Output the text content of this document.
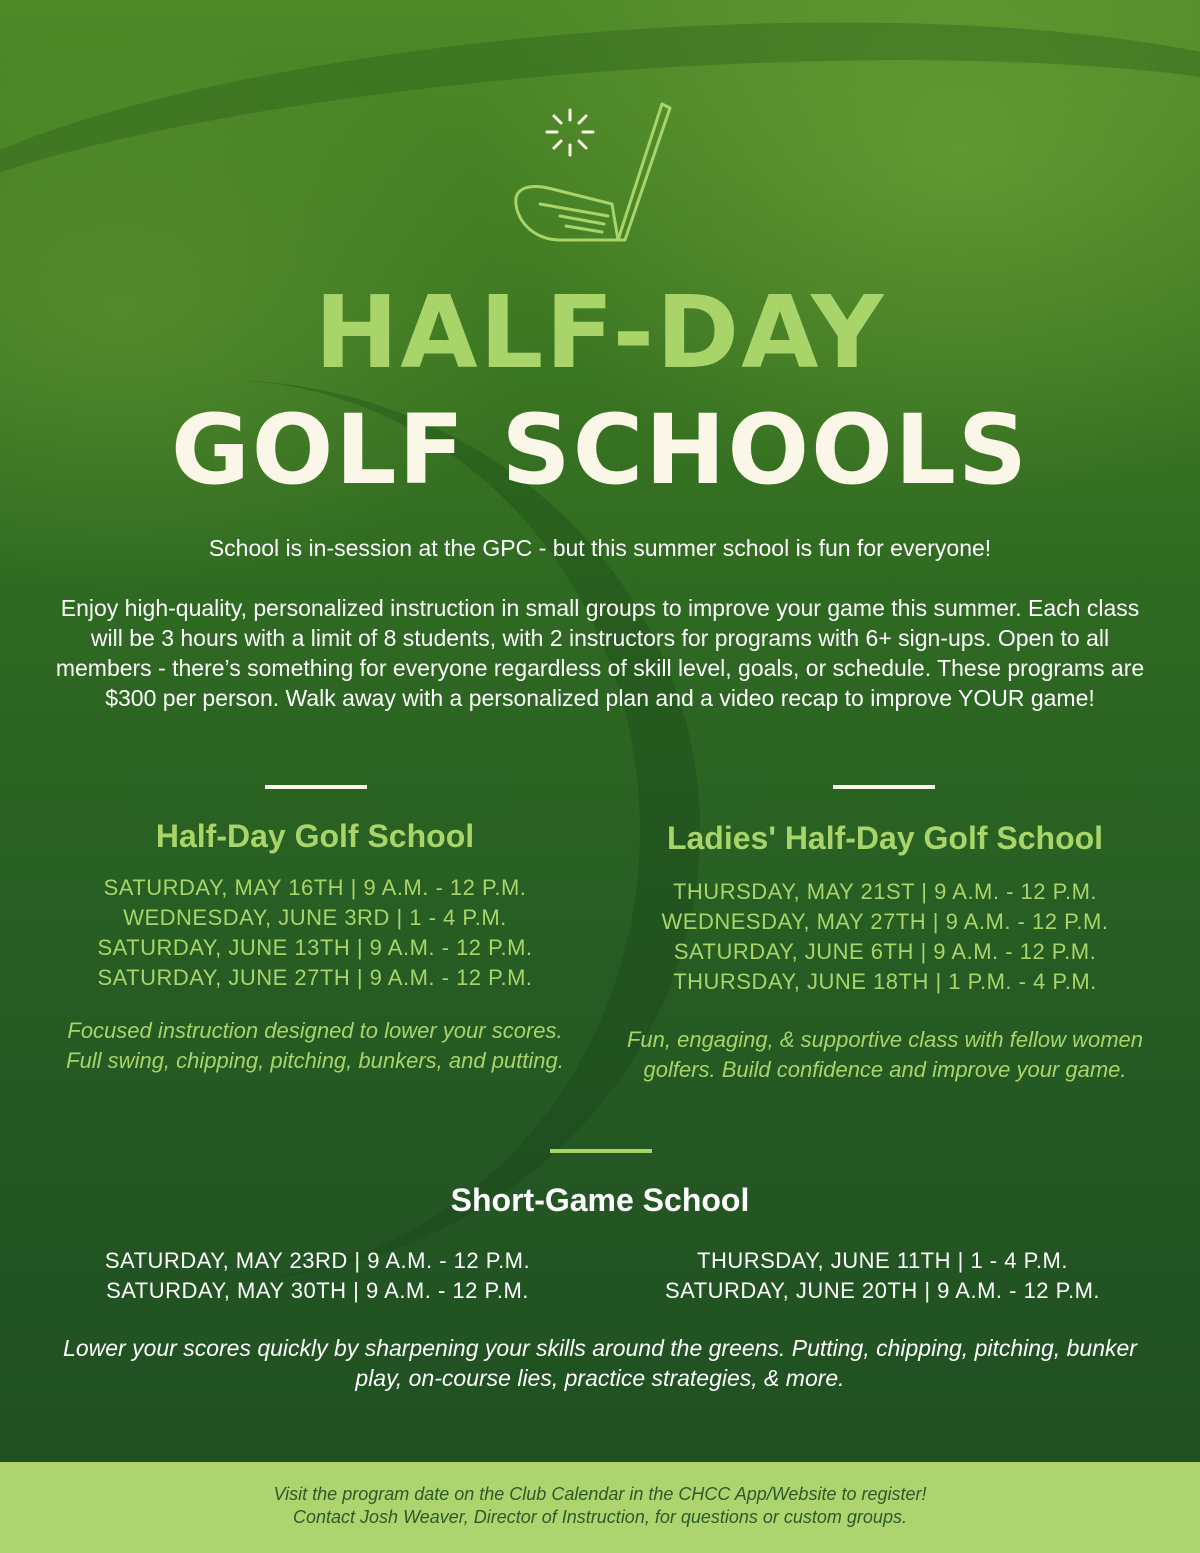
HALF-DAY
GOLF SCHOOLS
School is in-session at the GPC - but this summer school is fun for everyone!
Enjoy high-quality, personalized instruction in small groups to improve your game this summer. Each class will be 3 hours with a limit of 8 students, with 2 instructors for programs with 6+ sign-ups. Open to all members - there’s something for everyone regardless of skill level, goals, or schedule. These programs are $300 per person. Walk away with a personalized plan and a video recap to improve YOUR game!
Half-Day Golf School
SATURDAY, MAY 16TH | 9 A.M. - 12 P.M.
WEDNESDAY, JUNE 3RD | 1 - 4 P.M.
SATURDAY, JUNE 13TH | 9 A.M. - 12 P.M.
SATURDAY, JUNE 27TH | 9 A.M. - 12 P.M.
Focused instruction designed to lower your scores. Full swing, chipping, pitching, bunkers, and putting.
Ladies' Half-Day Golf School
THURSDAY, MAY 21ST | 9 A.M. - 12 P.M.
WEDNESDAY, MAY 27TH | 9 A.M. - 12 P.M.
SATURDAY, JUNE 6TH | 9 A.M. - 12 P.M.
THURSDAY, JUNE 18TH | 1 P.M. - 4 P.M.
Fun, engaging, & supportive class with fellow women golfers. Build confidence and improve your game.
Short-Game School
SATURDAY, MAY 23RD | 9 A.M. - 12 P.M.
SATURDAY, MAY 30TH | 9 A.M. - 12 P.M.
THURSDAY, JUNE 11TH | 1 - 4 P.M.
SATURDAY, JUNE 20TH | 9 A.M. - 12 P.M.
Lower your scores quickly by sharpening your skills around the greens. Putting, chipping, pitching, bunker play, on-course lies, practice strategies, & more.
Visit the program date on the Club Calendar in the CHCC App/Website to register!
Contact Josh Weaver, Director of Instruction, for questions or custom groups.
